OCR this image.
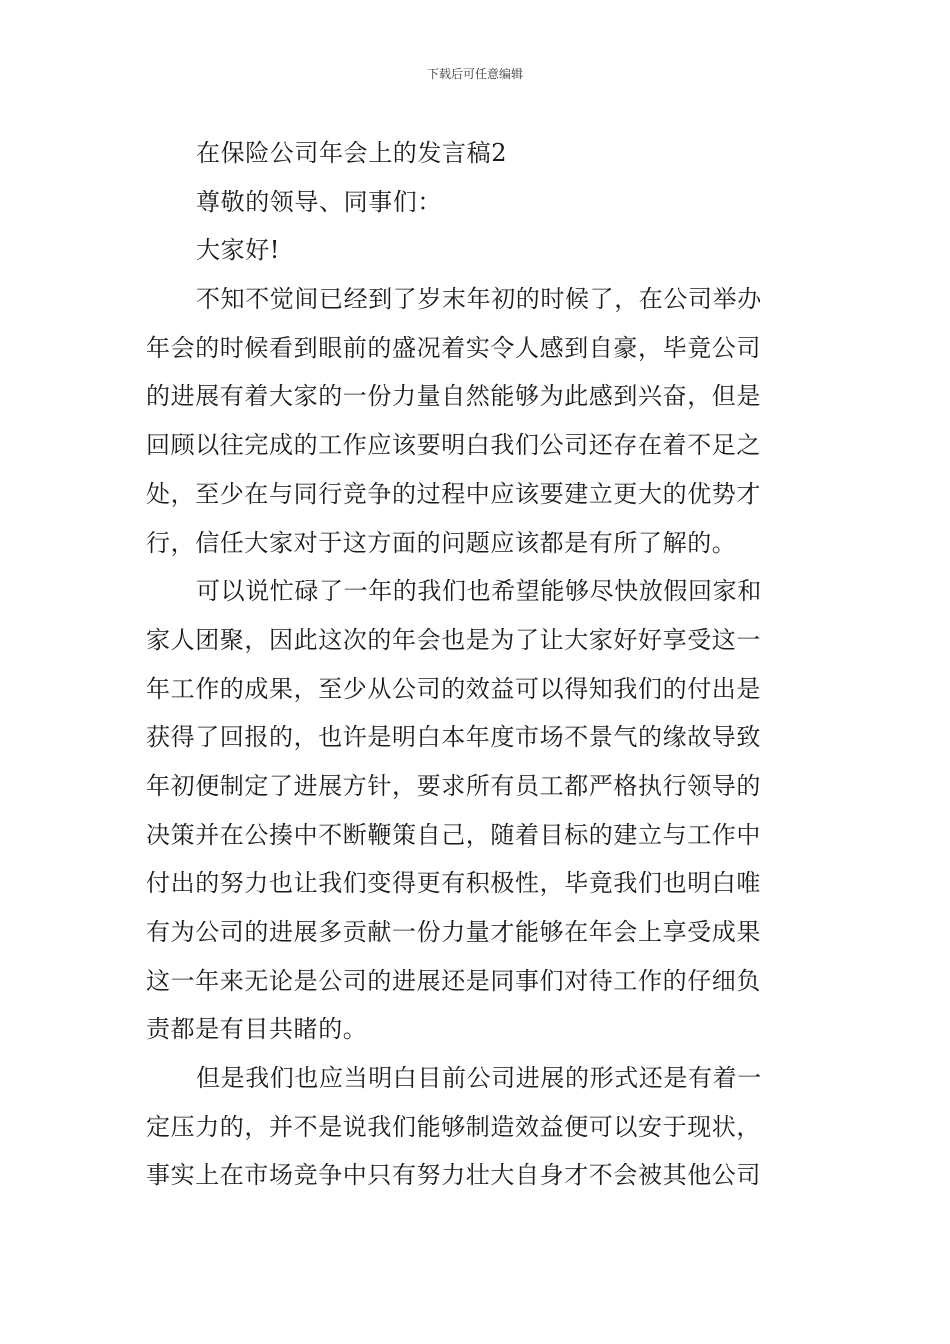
下载后可任意编辑
在保险公司年会上的发言稿2
尊敬的领导、同事们：
大家好!
不知不觉间已经到了岁末年初的时候了，在公司举办
年会的时候看到眼前的盛况着实令人感到自豪，毕竟公司
的进展有着大家的一份力量自然能够为此感到兴奋，但是
回顾以往完成的工作应该要明白我们公司还存在着不足之
处，至少在与同行竞争的过程中应该要建立更大的优势才
行，信任大家对于这方面的问题应该都是有所了解的。
可以说忙碌了一年的我们也希望能够尽快放假回家和
家人团聚，因此这次的年会也是为了让大家好好享受这一
年工作的成果，至少从公司的效益可以得知我们的付出是
获得了回报的，也许是明白本年度市场不景气的缘故导致
年初便制定了进展方针，要求所有员工都严格执行领导的
决策并在公揍中不断鞭策自己，随着目标的建立与工作中
付出的努力也让我们变得更有积极性，毕竟我们也明白唯
有为公司的进展多贡献一份力量才能够在年会上享受成果
这一年来无论是公司的进展还是同事们对待工作的仔细负
责都是有目共睹的。
但是我们也应当明白目前公司进展的形式还是有着一
定压力的，并不是说我们能够制造效益便可以安于现状，
事实上在市场竞争中只有努力壮大自身才不会被其他公司
